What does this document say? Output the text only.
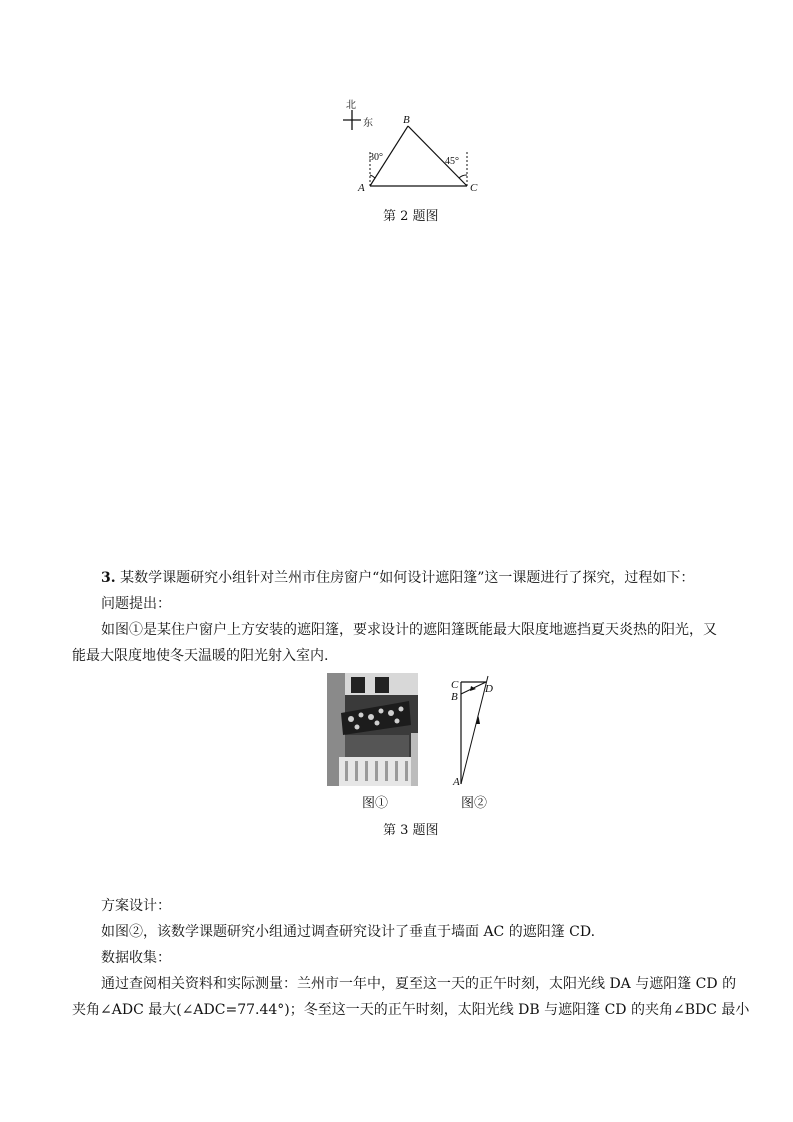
北
东
A
B
C
30°	45°
第 2 题图
3. 某数学课题研究小组针对兰州市住房窗户“如何设计遮阳篷”这一课题进行了探究，过程如下：
问题提出：
如图①是某住户窗户上方安装的遮阳篷，要求设计的遮阳篷既能最大限度地遮挡夏天炎热的阳光，又
能最大限度地使冬天温暖的阳光射入室内.
图①
C
B
D
A
图②
第 3 题图
方案设计：
如图②，该数学课题研究小组通过调查研究设计了垂直于墙面 AC 的遮阳篷 CD.
数据收集：
通过查阅相关资料和实际测量：兰州市一年中，夏至这一天的正午时刻，太阳光线 DA 与遮阳篷 CD 的
夹角∠ADC 最大(∠ADC=77.44°)；冬至这一天的正午时刻，太阳光线 DB 与遮阳篷 CD 的夹角∠BDC 最小
